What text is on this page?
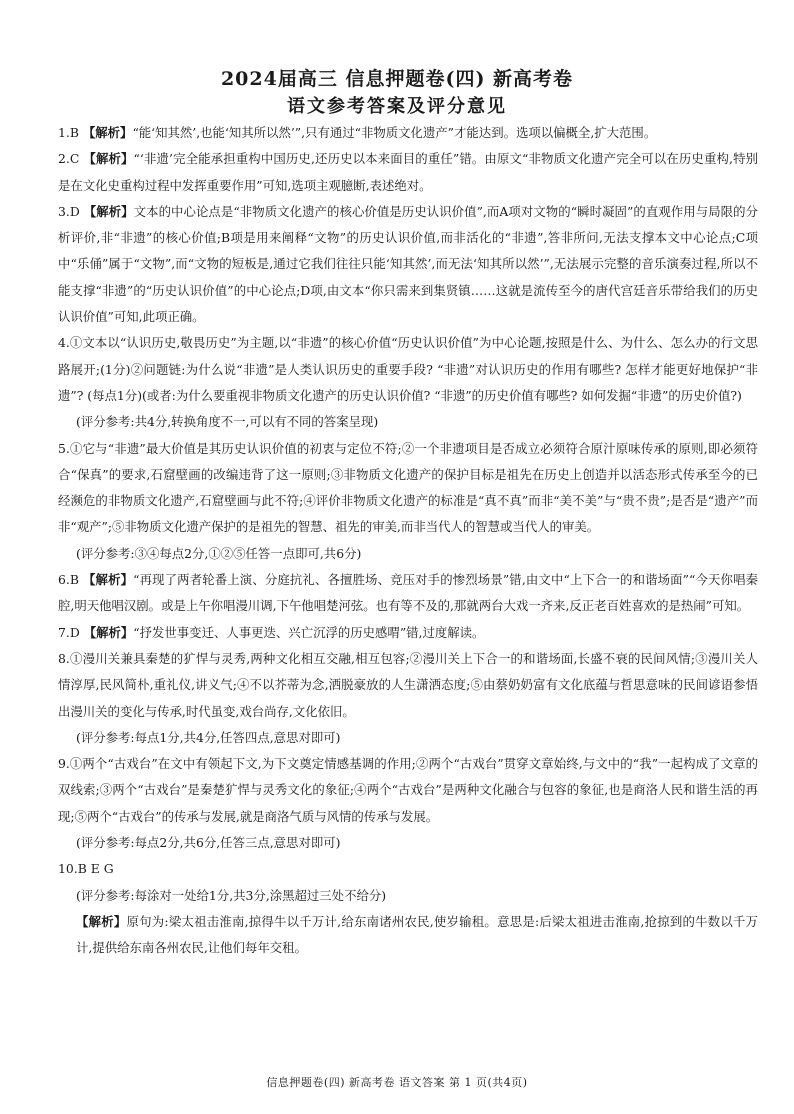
2024届高三 信息押题卷(四) 新高考卷
语文参考答案及评分意见

1.B 【解析】“能‘知其然’,也能‘知其所以然’”,只有通过“非物质文化遗产”才能达到。选项以偏概全,扩大范围。

2.C 【解析】“‘非遗’完全能承担重构中国历史,还历史以本来面目的重任”错。由原文“非物质文化遗产完全可以在历史重构,特别是在文化史重构过程中发挥重要作用”可知,选项主观臆断,表述绝对。

3.D 【解析】文本的中心论点是“非物质文化遗产的核心价值是历史认识价值”,而A项对文物的“瞬时凝固”的直观作用与局限的分析评价,非“非遗”的核心价值;B项是用来阐释“文物”的历史认识价值,而非活化的“非遗”,答非所问,无法支撑本文中心论点;C项中“乐俑”属于“文物”,而“文物的短板是,通过它我们往往只能‘知其然’,而无法‘知其所以然’”,无法展示完整的音乐演奏过程,所以不能支撑“非遗”的“历史认识价值”的中心论点;D项,由文本“你只需来到集贤镇……这就是流传至今的唐代宫廷音乐带给我们的历史认识价值”可知,此项正确。

4.①文本以“认识历史,敬畏历史”为主题,以“非遗”的核心价值“历史认识价值”为中心论题,按照是什么、为什么、怎么办的行文思路展开;(1分)②问题链:为什么说“非遗”是人类认识历史的重要手段? “非遗”对认识历史的作用有哪些? 怎样才能更好地保护“非遗”? (每点1分)(或者:为什么要重视非物质文化遗产的历史认识价值? “非遗”的历史价值有哪些? 如何发掘“非遗”的历史价值?)

(评分参考:共4分,转换角度不一,可以有不同的答案呈现)

5.①它与“非遗”最大价值是其历史认识价值的初衷与定位不符;②一个非遗项目是否成立必须符合原汁原味传承的原则,即必须符合“保真”的要求,石窟壁画的改编违背了这一原则;③非物质文化遗产的保护目标是祖先在历史上创造并以活态形式传承至今的已经濒危的非物质文化遗产,石窟壁画与此不符;④评价非物质文化遗产的标准是“真不真”而非“美不美”与“贵不贵”;是否是“遗产”而非“观产”;⑤非物质文化遗产保护的是祖先的智慧、祖先的审美,而非当代人的智慧或当代人的审美。

(评分参考:③④每点2分,①②⑤任答一点即可,共6分)

6.B 【解析】“再现了两者轮番上演、分庭抗礼、各擅胜场、竞压对手的惨烈场景”错,由文中“上下合一的和谐场面”“今天你唱秦腔,明天他唱汉剧。或是上午你唱漫川调,下午他唱楚河弦。也有等不及的,那就两台大戏一齐来,反正老百姓喜欢的是热闹”可知。

7.D 【解析】“抒发世事变迁、人事更迭、兴亡沉浮的历史感喟”错,过度解读。

8.①漫川关兼具秦楚的犷悍与灵秀,两种文化相互交融,相互包容;②漫川关上下合一的和谐场面,长盛不衰的民间风情;③漫川关人情淳厚,民风简朴,重礼仪,讲义气;④不以芥蒂为念,洒脱豪放的人生潇洒态度;⑤由蔡奶奶富有文化底蕴与哲思意味的民间谚语参悟出漫川关的变化与传承,时代虽变,戏台尚存,文化依旧。

(评分参考:每点1分,共4分,任答四点,意思对即可)

9.①两个“古戏台”在文中有领起下文,为下文奠定情感基调的作用;②两个“古戏台”贯穿文章始终,与文中的“我”一起构成了文章的双线索;③两个“古戏台”是秦楚犷悍与灵秀文化的象征;④两个“古戏台”是两种文化融合与包容的象征,也是商洛人民和谐生活的再现;⑤两个“古戏台”的传承与发展,就是商洛气质与风情的传承与发展。

(评分参考:每点2分,共6分,任答三点,意思对即可)

10.B E G

(评分参考:每涂对一处给1分,共3分,涂黑超过三处不给分)

【解析】原句为:梁太祖击淮南,掠得牛以千万计,给东南诸州农民,使岁输租。意思是:后梁太祖进击淮南,抢掠到的牛数以千万计,提供给东南各州农民,让他们每年交租。

信息押题卷(四) 新高考卷 语文答案 第 1 页(共4页)
